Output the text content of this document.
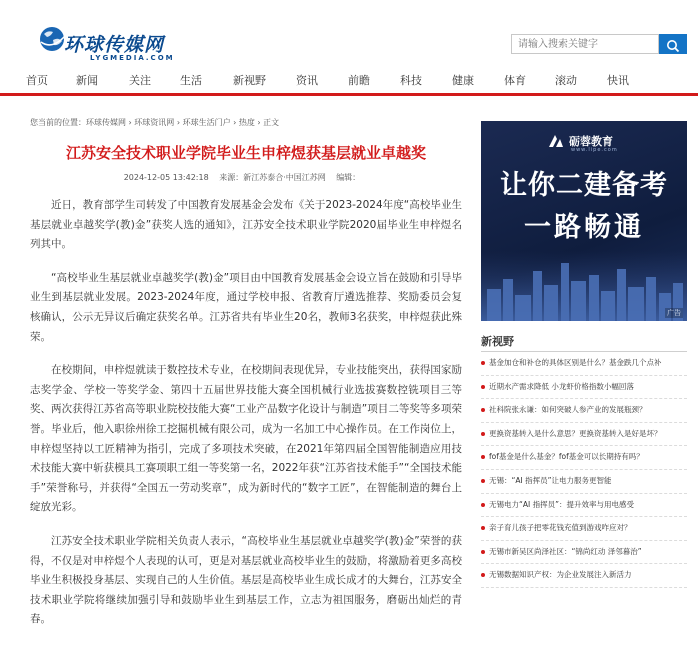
环球传媒网
LYGMEDIA.COM
请输入搜索关键字
首页	新闻	关注	生活	新视野	资讯	前瞻	科技	健康	体育	滚动	快讯
您当前的位置：环球传媒网 › 环球资讯网 › 环球生活门户 › 热度 › 正文
江苏安全技术职业学院毕业生申梓煜获基层就业卓越奖
2024-12-05 13:42:18 来源：新江苏泰合·中国江苏网 编辑：

近日，教育部学生司转发了中国教育发展基金会发布《关于2023-2024年度“高校毕业生基层就业卓越奖学(教)金”获奖人选的通知》，江苏安全技术职业学院2020届毕业生申梓煜名列其中。

“高校毕业生基层就业卓越奖学(教)金”项目由中国教育发展基金会设立旨在鼓励和引导毕业生到基层就业发展。2023-2024年度，通过学校申报、省教育厅遴选推荐、奖励委员会复核确认，公示无异议后确定获奖名单。江苏省共有毕业生20名，教师3名获奖，申梓煜获此殊荣。

在校期间，申梓煜就读于数控技术专业，在校期间表现优异，专业技能突出，获得国家励志奖学金、学校一等奖学金、第四十五届世界技能大赛全国机械行业选拔赛数控铣项目三等奖、两次获得江苏省高等职业院校技能大赛“工业产品数字化设计与制造”项目二等奖等多项荣誉。毕业后，他入职徐州徐工挖掘机械有限公司，成为一名加工中心操作员。在工作岗位上，申梓煜坚持以工匠精神为指引，完成了多项技术突破，在2021年第四届全国智能制造应用技术技能大赛中斩获模具工赛项职工组一等奖第一名，2022年获“江苏省技术能手”“全国技术能手”荣誉称号，并获得“全国五一劳动奖章”，成为新时代的“数字工匠”，在智能制造的舞台上绽放光彩。

江苏安全技术职业学院相关负责人表示，“高校毕业生基层就业卓越奖学(教)金”荣誉的获得，不仅是对申梓煜个人表现的认可，更是对基层就业高校毕业生的鼓励，将激励着更多高校毕业生积极投身基层、实现自己的人生价值。基层是高校毕业生成长成才的大舞台，江苏安全技术职业学院将继续加强引导和鼓励毕业生到基层工作，立志为祖国服务，磨砺出灿烂的青春。

砺蓉教育
www.lipe.com
让你二建备考
一路畅通
广告
新视野
基金加仓和补仓的具体区别是什么？基金跌几个点补
近期水产需求降低 小龙虾价格指数小幅回落
社科院张永谦：如何突破人参产业的发展瓶颈？
更换资基转入是什么意思？更换资基转入是好是坏？
fof基金是什么基金？fof基金可以长期持有吗？
无锡：“AI 指挥员”让电力服务更智能
无锡电力“AI 指挥员”：提升效率与用电感受
亲子育儿孩子把零花钱充值到游戏咋应对？
无锡市新吴区尚泽社区：“锦尚红动 泽邻暮治”
无锡数据知识产权：为企业发展注入新活力
